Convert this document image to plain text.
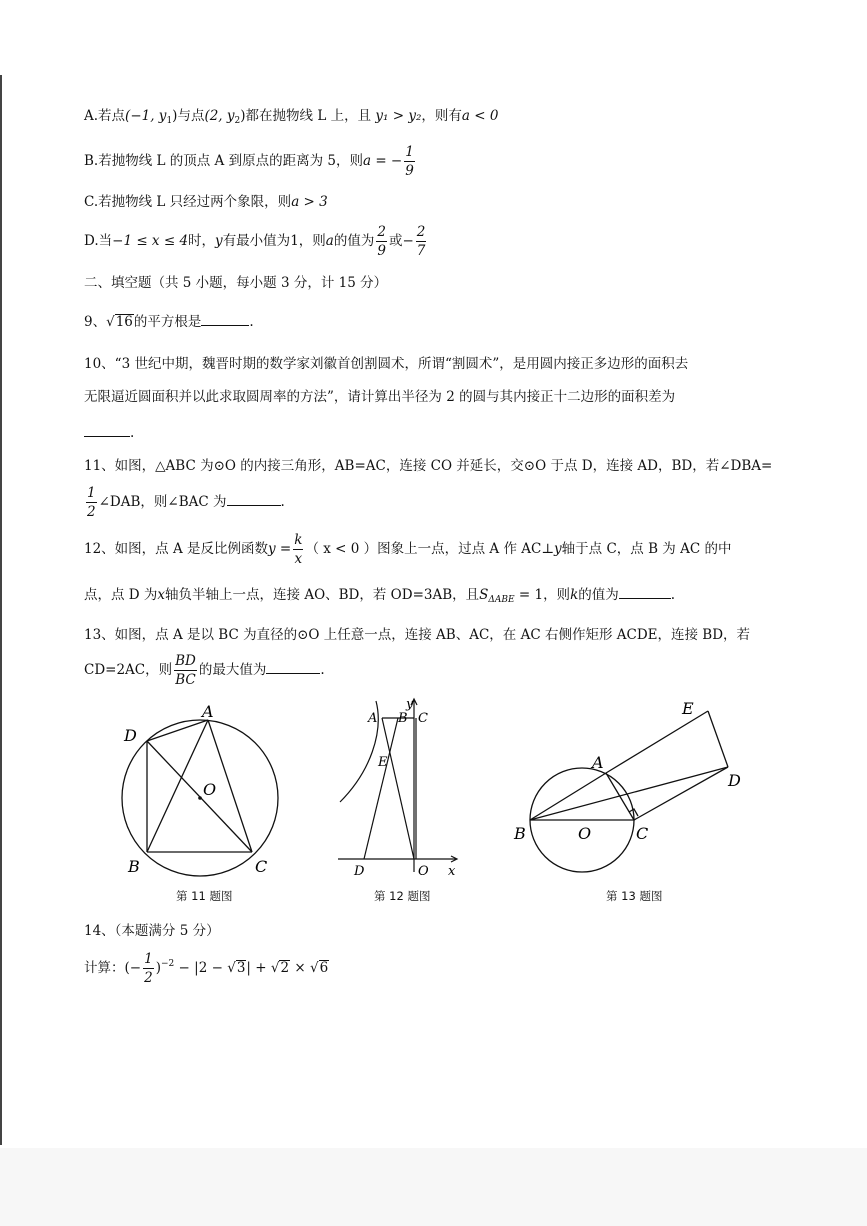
A.若点(−1, $y_1$)与点(2, $y_2$)都在抛物线 L 上，且 y₁ > y₂，则有a < 0
B.若抛物线 L 的顶点 A 到原点的距离为 5，则a = − $\frac{1}{9}$
C.若抛物线 L 只经过两个象限，则a > 3
D.当−1 ≤ x ≤ 4时，y有最小值为1，则a的值为 $\frac{2}{9}$ 或− $\frac{2}{7}$
二、填空题（共 5 小题，每小题 3 分，计 15 分）
9、√16的平方根是	.
10、“3 世纪中期，魏晋时期的数学家刘徽首创割圆术，所谓“割圆术”，是用圆内接正多边形的面积去
无限逼近圆面积并以此求取圆周率的方法”，请计算出半径为 2 的圆与其内接正十二边形的面积差为
.
11、如图，△ABC 为⊙O 的内接三角形，AB=AC，连接 CO 并延长，交⊙O 于点 D，连接 AD，BD，若∠DBA=
$\frac{1}{2}$ ∠DAB，则∠BAC 为	.
12、如图，点 A 是反比例函数$y = \frac{k}{x}$ （ x < 0 ）图象上一点，过点 A 作 AC⊥y轴于点 C，点 B 为 AC 的中
点，点 D 为x轴负半轴上一点，连接 AO、BD，若 OD=3AB，且$S_{\Delta ABE} = 1$，则k的值为	.
13、如图，点 A 是以 BC 为直径的⊙O 上任意一点，连接 AB、AC，在 AC 右侧作矩形 ACDE，连接 BD，若
CD=2AC，则 $\frac{BD}{BC}$ 的最大值为	.
A
D
O
B	C
第 11 题图
A B C
y
E
D	O x
第 12 题图
E
A
D
B	O	C
第 13 题图
14、（本题满分 5 分）
计算：(− $\frac{1}{2} )^{-2} - |2 - √3| + √2 \times √6$
